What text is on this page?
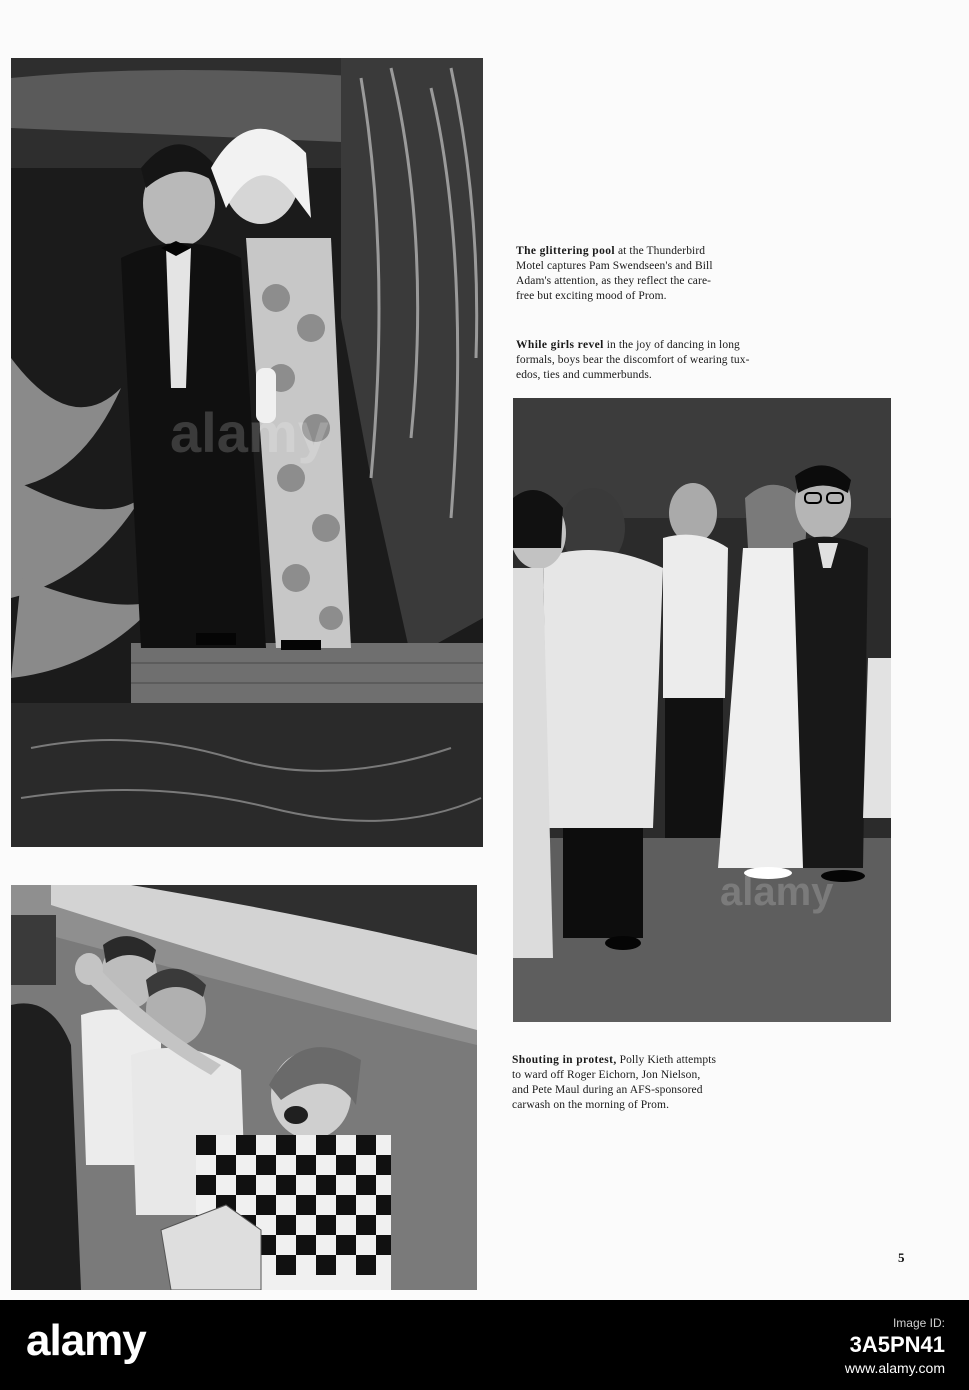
The glittering pool at the Thunderbird
Motel captures Pam Swendseen's and Bill
Adam's attention, as they reflect the care-
free but exciting mood of Prom.
While girls revel in the joy of dancing in long
formals, boys bear the discomfort of wearing tux-
edos, ties and cummerbunds.
Shouting in protest, Polly Kieth attempts
to ward off Roger Eichorn, Jon Nielson,
and Pete Maul during an AFS-sponsored
carwash on the morning of Prom.
5
alamy	Image ID:
3A5PN41
www.alamy.com
